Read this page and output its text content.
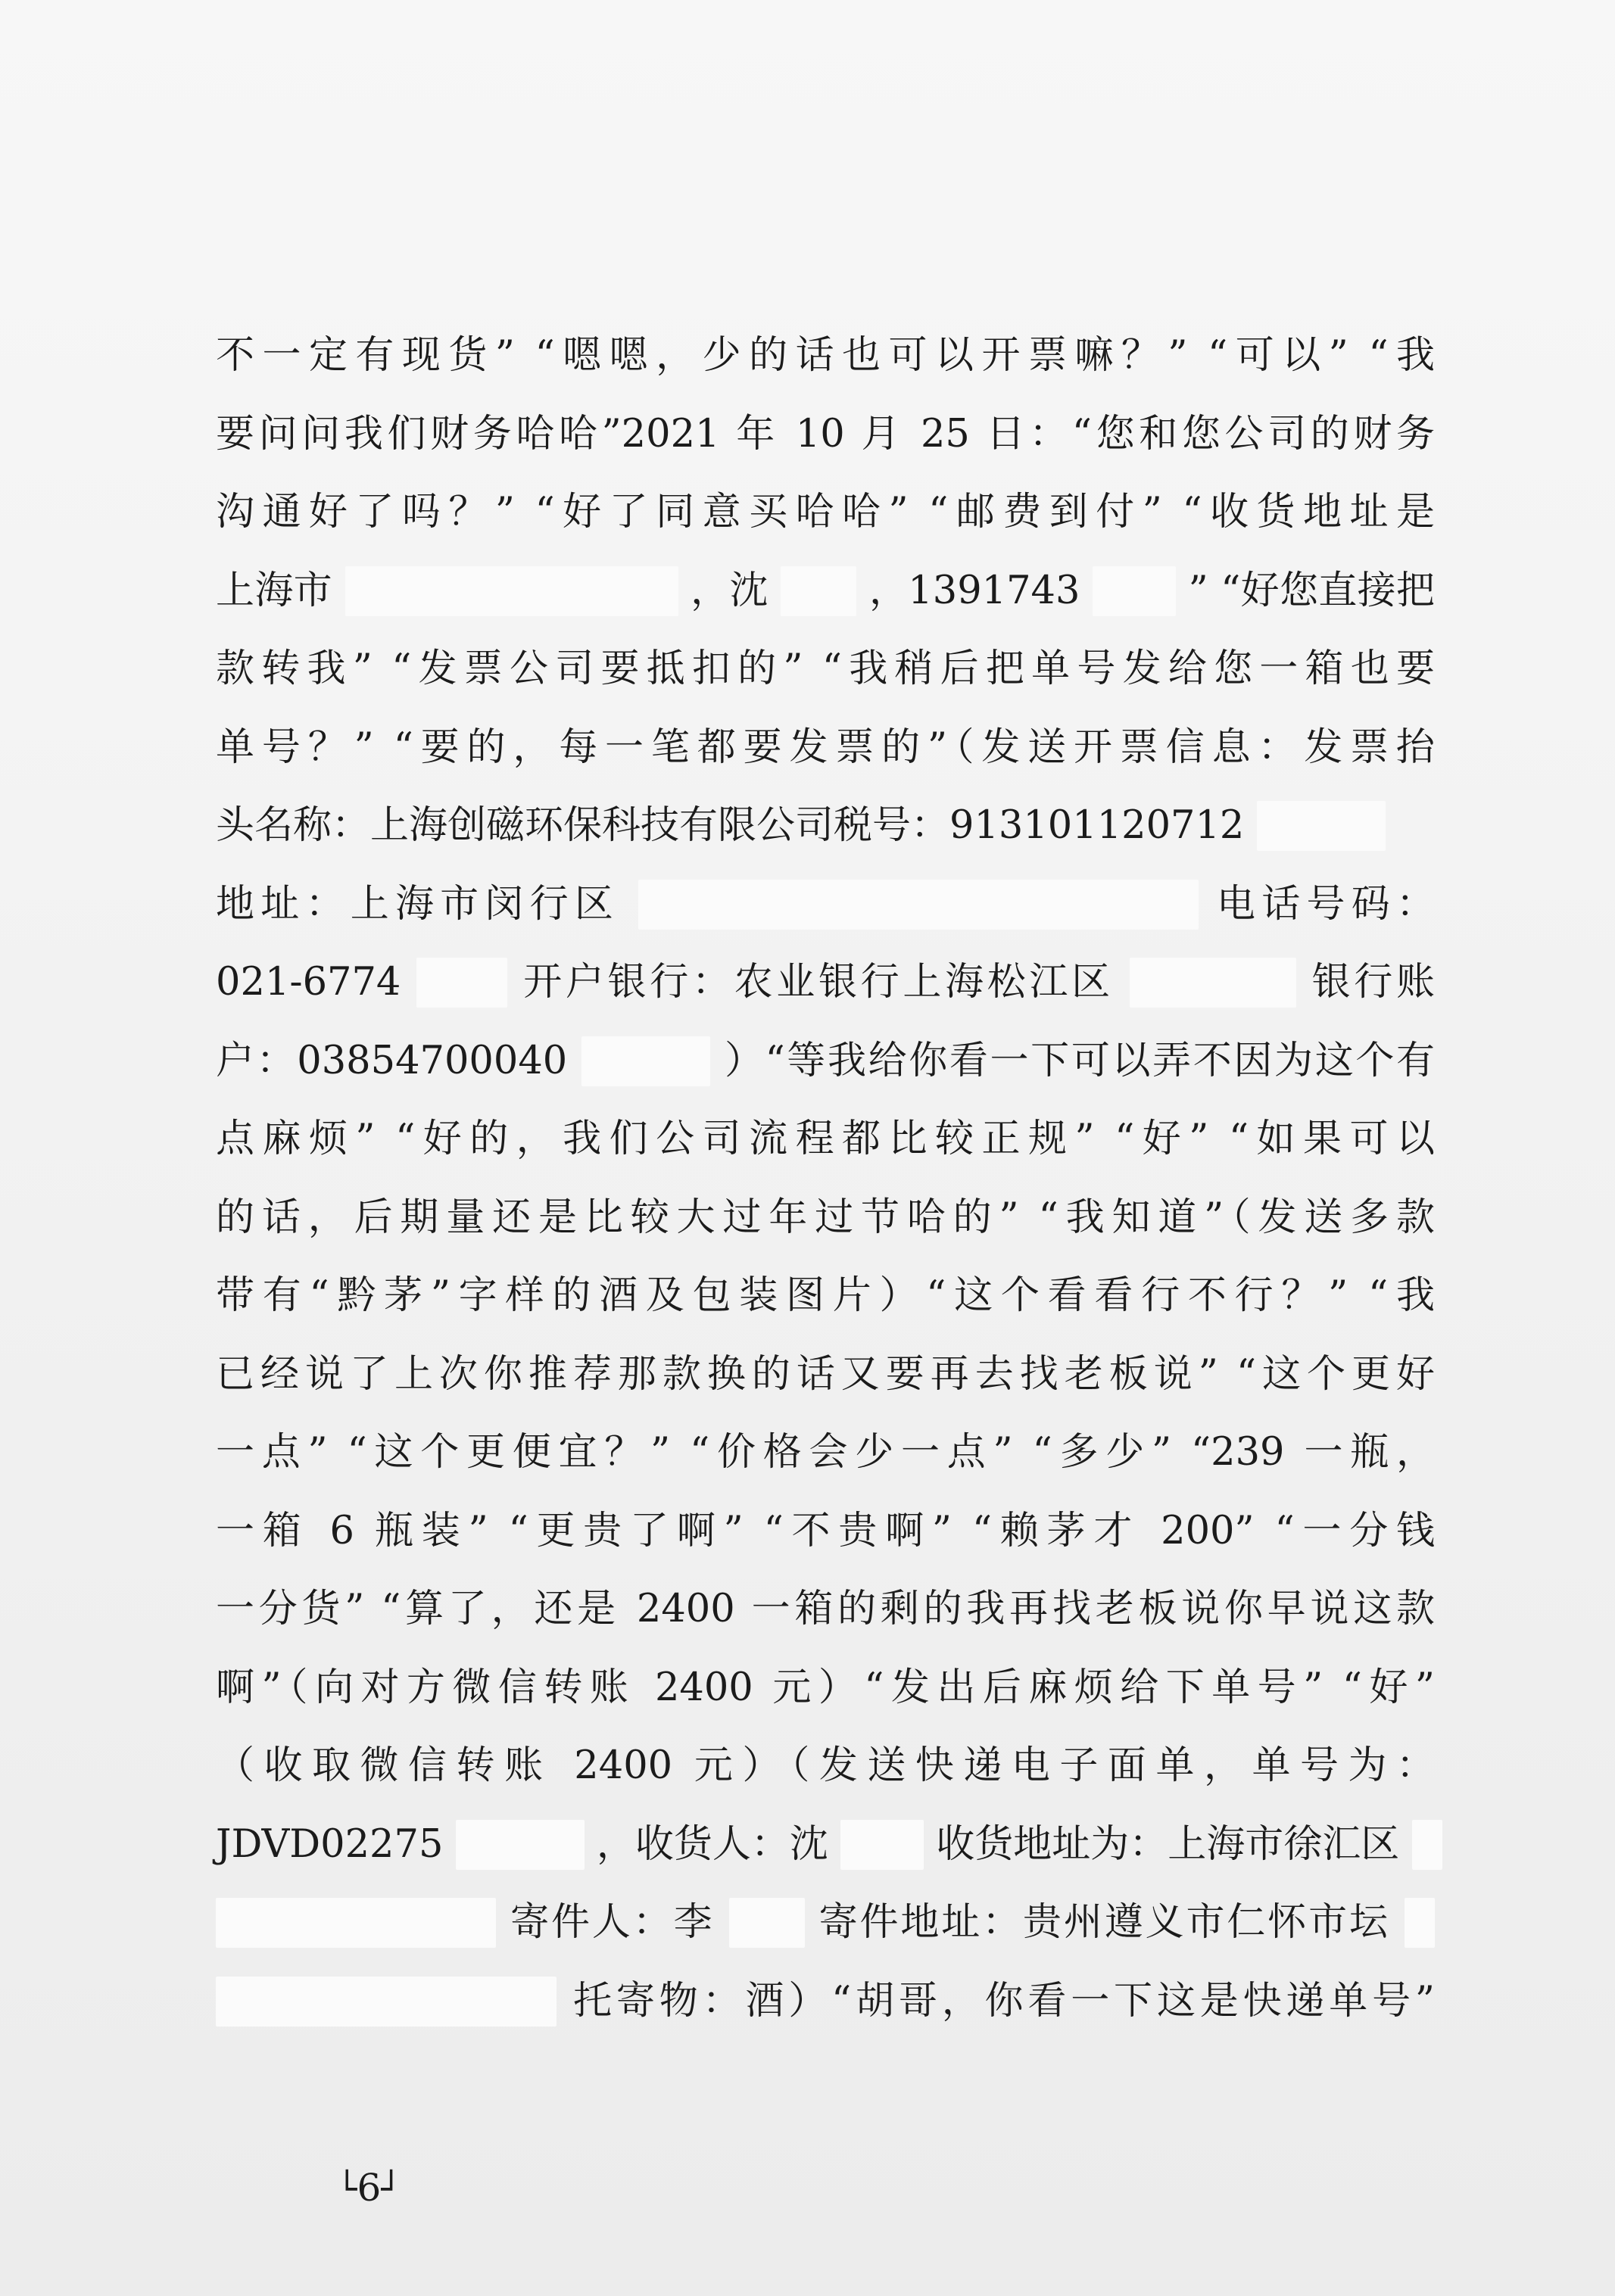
不一定有现货” “嗯嗯，少的话也可以开票嘛？” “可以” “我
要问问我们财务哈哈”2021 年 10 月 25 日：“您和您公司的财务
沟通好了吗？” “好了同意买哈哈” “邮费到付” “收货地址是
上海市	，沈	，1391743	” “好您直接把
款转我” “发票公司要抵扣的” “我稍后把单号发给您一箱也要
单号？” “要的，每一笔都要发票的”（发送开票信息：发票抬
头名称：上海创磁环保科技有限公司税号：913101120712
地址：上海市闵行区	电话号码：
021-6774	开户银行：农业银行上海松江区	银行账
户：03854700040	）“等我给你看一下可以弄不因为这个有
点麻烦” “好的，我们公司流程都比较正规” “好” “如果可以
的话，后期量还是比较大过年过节哈的” “我知道”（发送多款
带有“黔茅”字样的酒及包装图片）“这个看看行不行？” “我
已经说了上次你推荐那款换的话又要再去找老板说” “这个更好
一点” “这个更便宜？” “价格会少一点” “多少” “239 一瓶，
一箱 6 瓶装” “更贵了啊” “不贵啊” “赖茅才 200” “一分钱
一分货” “算了，还是 2400 一箱的剩的我再找老板说你早说这款
啊”（向对方微信转账 2400 元）“发出后麻烦给下单号” “好”
（收取微信转账 2400 元）（发送快递电子面单，单号为：
JDVD02275	，收货人：沈	收货地址为：上海市徐汇区
寄件人：李	寄件地址：贵州遵义市仁怀市坛
托寄物：酒）“胡哥，你看一下这是快递单号”
└6┘
